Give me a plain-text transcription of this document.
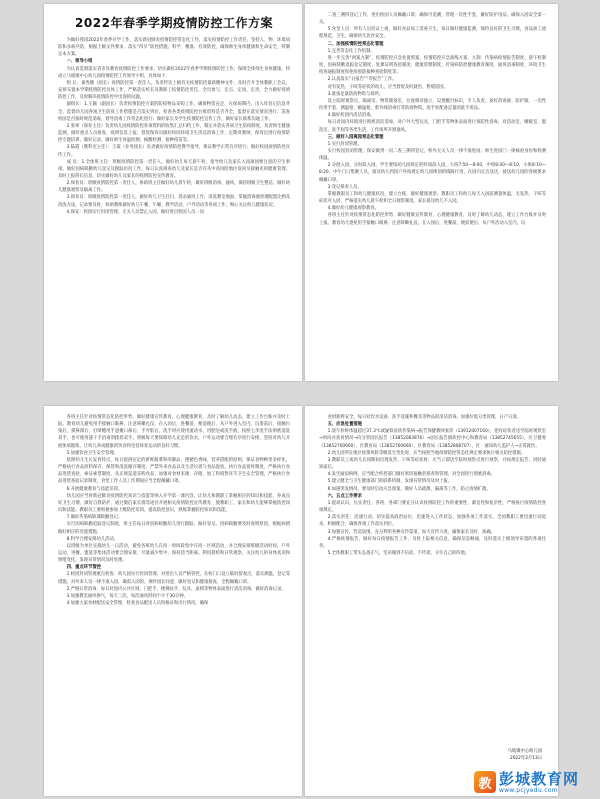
2022年春季学期疫情防控工作方案

为做好我园2022年春季开学工作，落实新冠肺炎疫情防控常态化工作，落实疫情防控工作责任，坚持人、物、环境同防和多病共防，根据上级文件要求，落实“四早”防控措施，科学、精准、有效防控，确保师生身体健康和生命安全，特制定本方案。

一、领导小组

为认真贯彻落实省市县教育疫情防控工作要求，切实做好2022年春季学期疫情防控工作，保障全体师生身体健康，特成立马坡镇中心幼儿园疫情防控工作领导小组，具体如下：

组 长：秦秀娥（园长）疫情防控第一责任人，负责传达上级有关疫情防控最新精神文件，及时召开全体教职工会议，安排布置本学期疫情防控具体工作，严格落实校长及教职工疫情防控责任，全员参与、定点、定岗、定责，全力做好疫情防控工作，及时解决疫情防控中出现的问题。

副组长：1.王颖（副园长）负责疫情防控方案的防疫物品采购工作，确保物资充足，在保质期内，出入库登记信息齐全，监督幼儿园各项卫生防疫工作措施是否落实到位，检查各类疫情防控台账资料是否齐全，监督在落实情况进行；巡查校园是否按时规范消毒，督导消毒工作常态化进行；做好家长及学生疫情防控宣传工作，做好家长联系沟通工作。

2.张翠（保育主任）负责幼儿园疫情防控各项资料的收集汇总归档工作，制定并落实各项卫生防疫制度，负责师生健康监测，做好重点人员排查、疫情信息上报；督促保育员做好校园环境卫生清洁消毒工作，定期对教师、保育员进行疫情防控专题培训，做好记录，做好师生体温检测、核酸检测、接种疫苗等。

3.陆霞（教科室主任）：王霞（业务园长）负责做好疫情防控教学指导，保证教学正常有序进行；做好校园疫情防控宣传工作。

成 员：1.全体班主任：班级疫情防控第一责任人，做好幼儿每天晨午检，指导幼儿及家长入园离园要注意的卫生事项，做好因病缺勤幼儿登记及跟踪访问工作，每日认真排查幼儿及家长是否有从中高风险地区返回及接触史的健康管理，及时上报班长信息，切实做好幼儿及家长的疫情防控宣传教育。

2.保育员：班级疫情防控第一责任人，协助班主任做好幼儿晨午检，做好班级消毒、通风，保持班级卫生整洁，做好幼儿健康观察及隔离工作。

3.保育员：班级疫情防控第一责任人，做好幼儿卫生打扫、消杀通风工作，清洗教室地面、掌握消毒液原理配置比例及清洗方法，记录要及时，协助教师做好幼儿午餐、午睡、教学活动、户外活动等各项工作，细心关注幼儿健康状况。

4.保安：校园实行封闭管理，无关人员禁止入园，做好进出校园人员一问

二查三测四登记工作，进出校园人员佩戴口罩，确保可追溯，管理一次性手套，戴好防护用品，确保入园安全第一关。

5.食堂人员：所有人员持证上岗，做好食品加工消毒卫生，每日做好健康监测，保持良好的卫生习惯，食品加工流程规范，卫生、确保幼儿饮食安全。

二、加强疫情防控常态化管理

1.完善常态化工作机制。

进一步完善“两案九制”，疫情防控应急处置预案、疫情防控应急演练方案、九制：传染病疫情报告制度、晨午检制度、因病缺勤追踪登记制度、复课证明查验制度、健康管理制度、传染病防控健康教育制度、通风消毒制度、环境卫生检查通报制度和免疫预防接种查验制度等。

2.认真落实“日报告”“零报告”工作。

对有发热、干咳等症状的幼儿，应当督促及时就医，暂缓返园。

3.准备足量防疫物资与场所。

设立临时观察点、隔离室、物资储备室，位置相对独立，设置醒目标识，专人负责。备好消毒液、防护服、一次性医用手套、测温枪、额温枪、紫外线消毒灯等防疫物资。洗手处配备足量的洗手用品。

4.做好校园内清洁消毒。

每日对园内环境进行彻底清洁消毒，对户外大型玩具，门把手等物体表面进行预防性消毒，对活动室、睡眠室、盥洗室、洗手间等各类生活，工作场所开窗通风。

三、做好入园离园常态化管理

1.实行封闭管理。

实行校园封闭管理，保安做到一问二查三测四登记，校外无关人员一律不准进园；师生进园门一律核验身份和检测体温。

2.分批入园、分时段入园。学生要按幼儿园规定的时间段入园，大班7:50—8:00，中班8:00—8:10，小班8:10—8:20。中午门口集聚人员，接送幼儿到园户外按规定幼儿园规划的线路行进，在园内定点送达，接送幼儿园的各级要求佩戴口罩。

3.登记排查人员。

掌握教职员工和幼儿健康状况，建立台账，做好健康观察。教职员工和幼儿每天入园前测量体温，无发热、干咳等症状可入园，严格落实幼儿晨午检和全日观察制度。家长接送幼儿不入园。

4.做好幼儿健康观察教育。

各班主任针对疫情常态化防控形势，做好健康宣传教育，心理健康教育，及时了解幼儿动态，建立工作台账并及时上报。教育幼儿逐免用手接触口眼鼻，注意咳嗽礼仪。在入园后，进餐前、便前便后、从户外活动入室内，玩

各班主任针对疫情常态化防控形势，做好健康宣传教育，心理健康教育，及时了解幼儿动态，建立工作台账并及时上报。教育幼儿避免用手接触口眼鼻，注意咳嗽礼仪。在入园后，进餐前、便前便后、从户外进入室内、玩耍前后、接触污染后，摸鼻涕后，打喷嚏用手遮掩口鼻后、手弄脏后，洗手时应使用流动水，用肥皂或洗手液，按照七步洗手法彻底清洗双手，也可使用速干手消毒剂揉搓双手。班级每天要保障幼儿充足的饮水，户外运动要合理有序进行安排，坚持对幼儿开展体质锻炼，让幼儿养成健康的饮食和坚持体育运动的良好习惯。

5.加强饮食卫生安全管理。

依照幼儿生长发育特点，每日提供充足的新鲜蔬菜和肉制品，遵循色香味，营养搭配的原则，保证食物种类多样化，严格执行食品原料保存、保管和清洗储存制度，严禁外来食品以及生活垃圾与食品混放。执行食品留样制度，严格执行食品进货查验、索证索票制度，从正规渠道采购食品，加强对食材来源，存储、加工和销售环节卫生安全管理，严格执行食品进货查验记录制度，食堂工作人员工作期间应当全程佩戴口罩。

6.开展健康教育与技能培训。

幼儿园应当将新冠肺炎疫情防控知识与技能等纳入开学第一课内容，让幼儿和教职工掌握相应的知识和技能，养成良好卫生习惯，做好自我防护，通过微信家长群等途径开展相关疫情防控宣传教育，使教职工、家长和幼儿能够掌握防控知识和技能。教职员工要积极参加上级防控培训，提高防控意识，熟练掌握防控知识和技能。

7.做好传染病缺课缺勤登记。

实行因病缺勤追踪登记制度，班主任每日对因病缺勤幼儿进行跟踪，做好登记。因病缺勤要及时查明原因，根据病情做好相应的处置措施。

8.科学合理安排幼儿活动。

以班级为单位实施幼儿一日活动，避免各班幼儿在同一时间段集中在同一区域活动，并合理安排班级活动时间，户外运动、进餐、盥洗等集体活动要合理安排，尽量减少集中，保持适当距离。利用晨检和日常观察，关注幼儿的身体状况和情绪变化，发现异常情况及时处理。

四、重点环节管控

1.校园封闭管理重点检查：幼儿园实行封闭管理，对进出人员严格管控，在校门口设立临时留观点，落实测温、登记等措施。对外来人员一律不准入园，确需入园的，须经园长同意，做好登记和健康排查，全程佩戴口罩。

2.严格日常消毒，每日对园内公共区域、门把手、楼梯扶手、玩具、桌椅等物体表面进行清洁消毒，做好消毒记录。

3.加强教室通风换气，每天三次，每次通风时间不少于30分钟。

4.加强大家食材配送安全管理，检查食品配送人员资格证和出行情况，确保

食材新鲜安全，每日对饮水设备，洗手设施和餐具等物品的清洁消毒。加强垃圾分类管理，日产日清。

五、应急处置措施

1.晨午检时体温超过37.3℃或疑似症状传染病→报告保健教师张萍（13912007160），把有症状者送至临时观察室→询问并查看情况→向分管园长报告（13852083876）→园长报告镇疾控中心和教育局（13852745655），区卫健委（13852760660），区教育局（13852760660），区教育局（13852808707），区：通知幼儿监护人→正常就医。

2.幼儿园所在地区疫情风险等级发生变化时，应当按照当地疫情防控常态化规定要求执行相关防控措施。

3.教职员工或幼儿在园期间出现发热、干咳等症状时，应当立即送至临时观察点进行观察，并按规定报告，同时通知家长。

4.发生疑似病例，应当配合疾控部门做好密切接触者排查和管理，对全园进行彻底消毒。

5.建立健全与卫生健康部门的联系机制，发现异常情况及时上报。

6.如遇突发情况，要及时启动应急预案，做好人员疏散、隔离等工作，防止疫情扩散。

六、五点工作要求

1.提高认识，压实责任。各班、各部门要充分认识疫情防控工作的重要性、紧迫性和复杂性，严格执行疫情防控各项规定。

2.落实责任，迅速行动。切实提高政治站位，迅速进入工作状态，加强各项工作落实，全园教职工要迅速行动起来，积极配合，确保各项工作落实到位。

3.加强宣传，营造氛围。充分利用各种宣传渠道，加大宣传力度，确保家长及时、准确。

4.严格疫情报告，做好每日疫情报告工作，及时上报相关信息，确保信息畅通，及时落实上级领导布置的各项任务。

5.全体教职工带头弘扬正气，坚决做到不信谣，不传谣，守住自己的阵地。

马坡镇中心幼儿园
2022年2月13日
教 彭城教育网
www.pcjyedu.com
